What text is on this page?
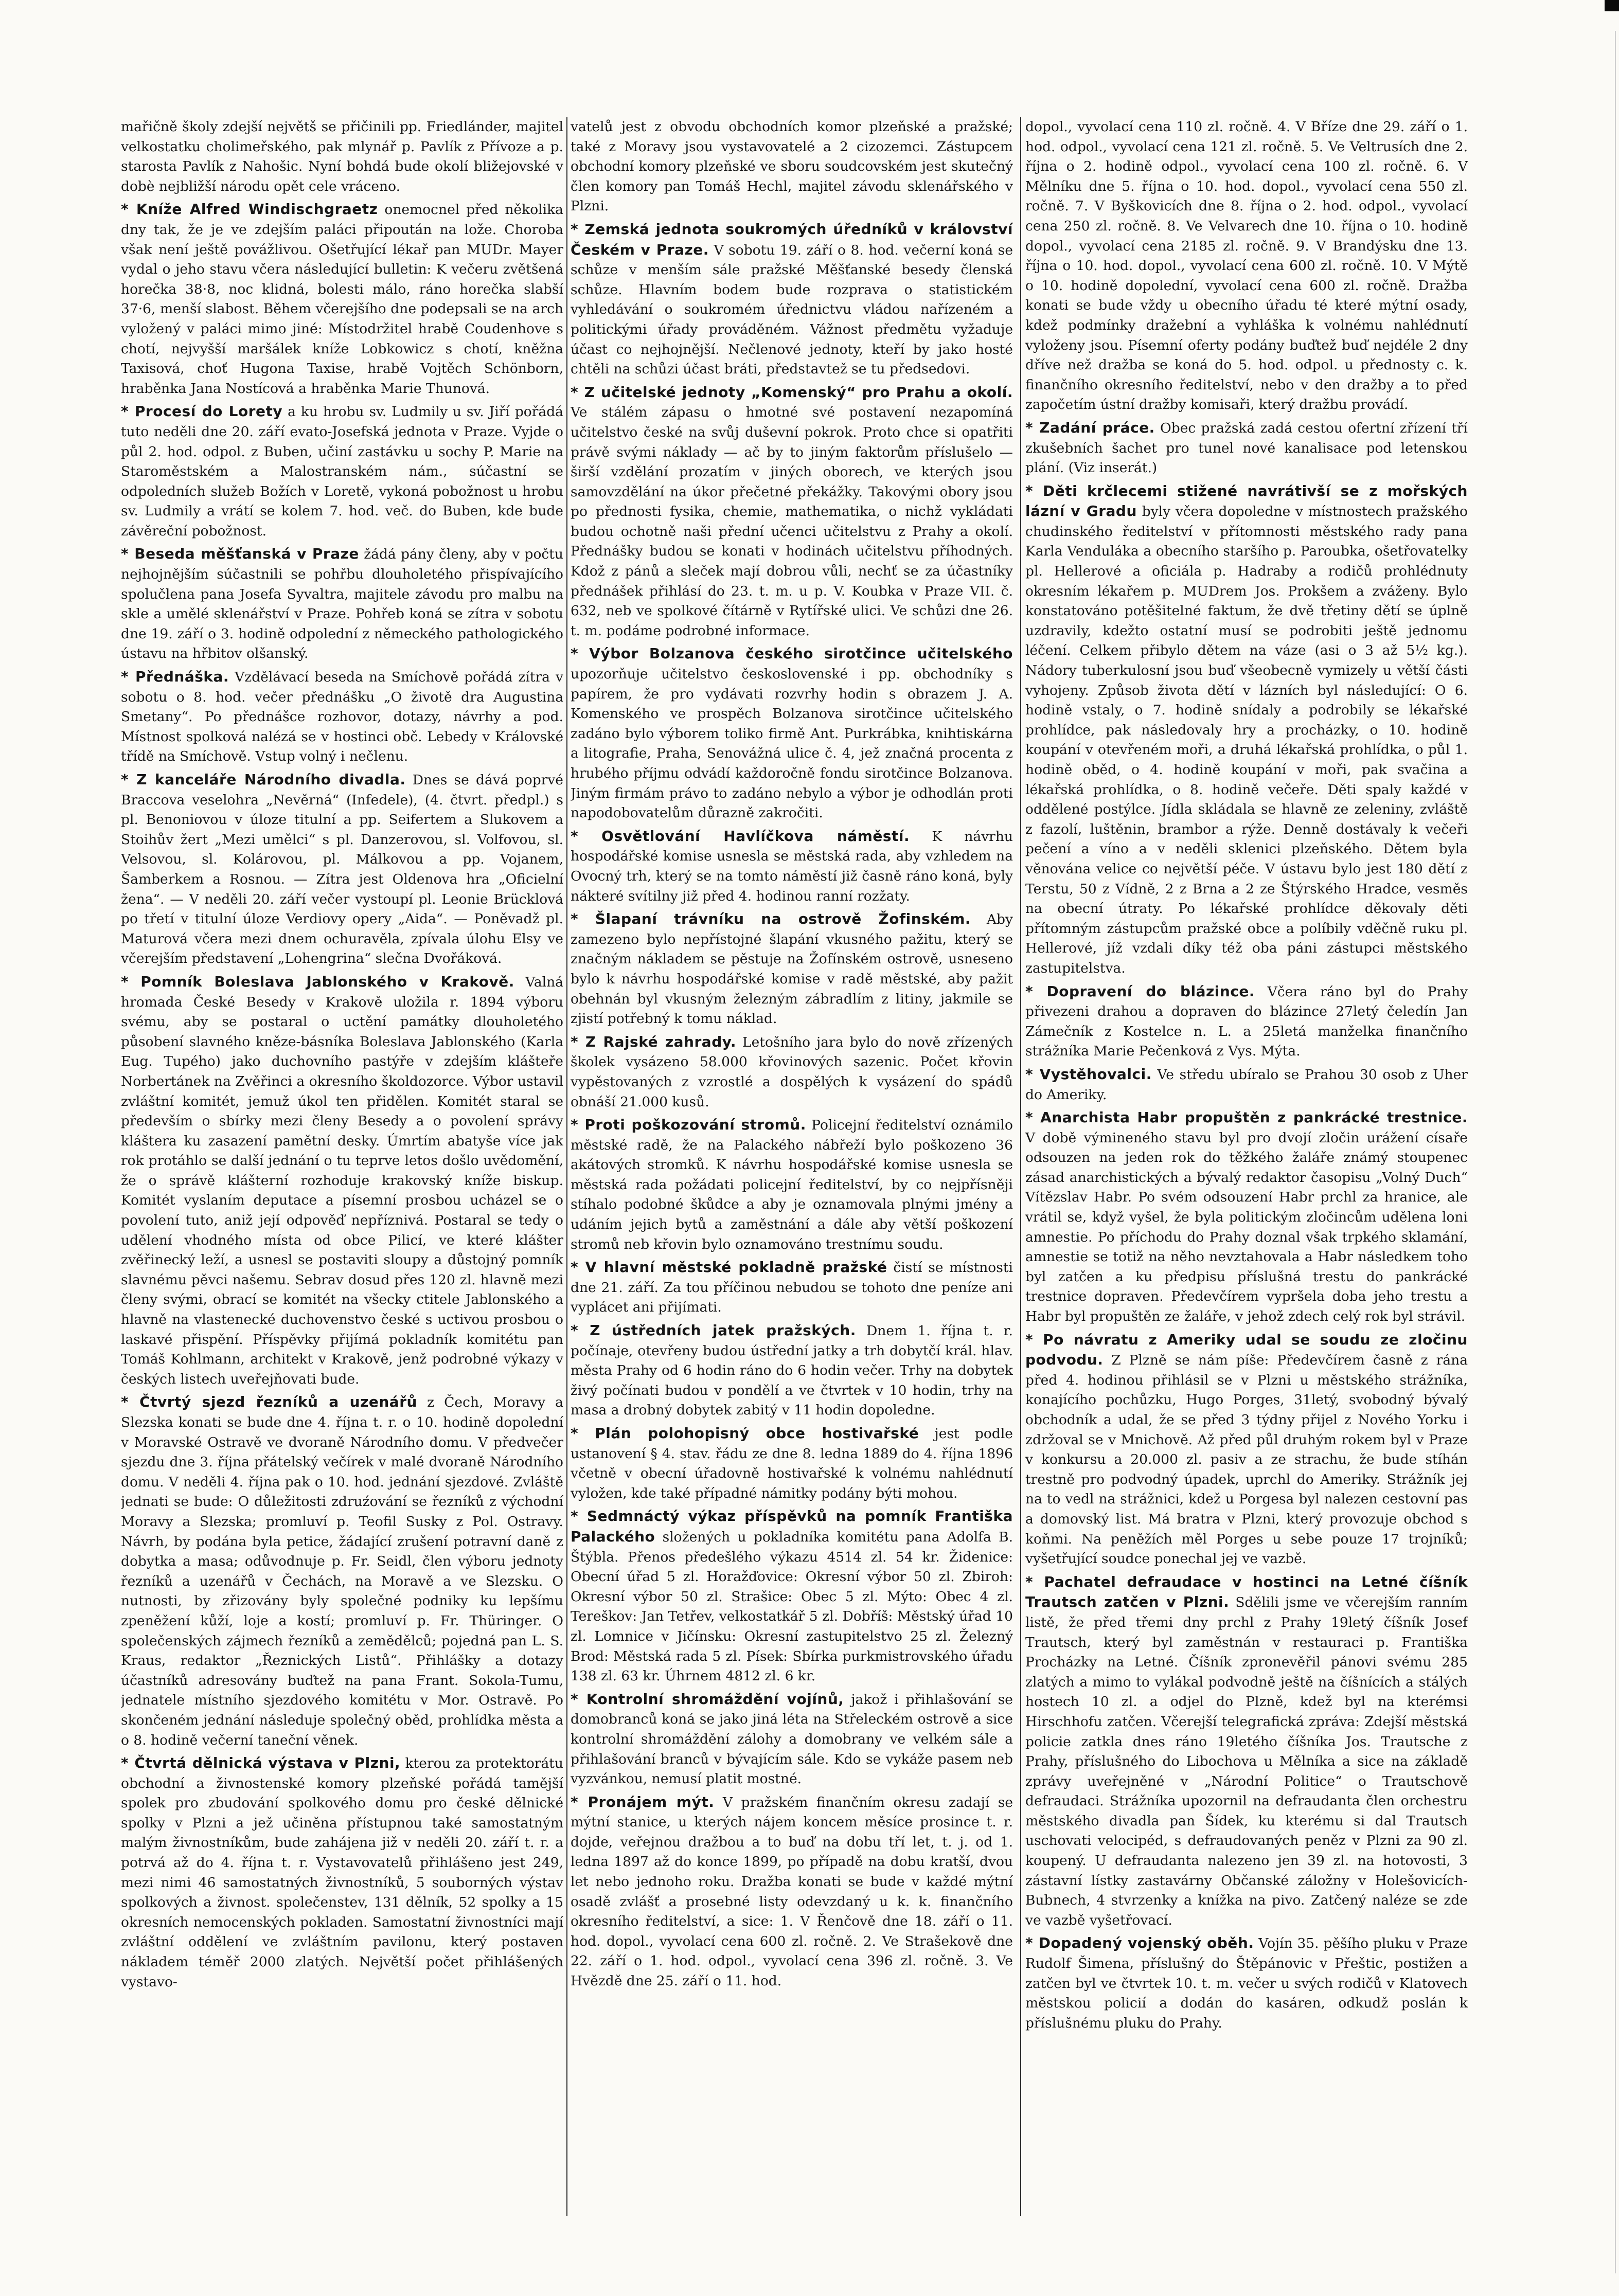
mařičně školy zdejší největš se přičinili pp. Friedlánder, majitel velkostatku cholimeřského, pak mlynář p. Pavlík z Přívoze a p. starosta Pavlík z Nahošic. Nyní bohdá bude okolí bližejovské v dobè nejbližší národu opět cele vráceno.

* Kníže Alfred Windischgraetz onemocnel před několika dny tak, že je ve zdejším paláci připoután na lože. Choroba však není ještě povážlivou. Ošetřující lékař pan MUDr. Mayer vydal o jeho stavu včera následující bulletin: K večeru zvětšená horečka 38·8, noc klidná, bolesti málo, ráno horečka slabší 37·6, menší slabost. Během včerejšího dne podepsali se na arch vyložený v paláci mimo jiné: Místodržitel hrabě Coudenhove s chotí, nejvyšší maršálek kníže Lobkowicz s chotí, kněžna Taxisová, choť Hugona Taxise, hrabě Vojtěch Schönborn, hraběnka Jana Nostícová a hraběnka Marie Thunová.

* Procesí do Lorety a ku hrobu sv. Ludmily u sv. Jiří pořádá tuto neděli dne 20. září evato-Josefská jednota v Praze. Vyjde o půl 2. hod. odpol. z Buben, učiní zastávku u sochy P. Marie na Staroměstském a Malostranském nám., súčastní se odpoledních služeb Božích v Loretě, vykoná pobožnost u hrobu sv. Ludmily a vrátí se kolem 7. hod. več. do Buben, kde bude závěreční pobožnost.

* Beseda měšťanská v Praze žádá pány členy, aby v počtu nejhojnějším súčastnili se pohřbu dlouholetého přispívajícího spolučlena pana Josefa Syvaltra, majitele závodu pro malbu na skle a umělé sklenářství v Praze. Pohřeb koná se zítra v sobotu dne 19. září o 3. hodině odpolední z německého pathologického ústavu na hřbitov olšanský.

* Přednáška. Vzdělávací beseda na Smíchově pořádá zítra v sobotu o 8. hod. večer přednášku „O životě dra Augustina Smetany“. Po přednášce rozhovor, dotazy, návrhy a pod. Místnost spolková nalézá se v hostinci obč. Lebedy v Královské třídě na Smíchově. Vstup volný i nečlenu.

* Z kanceláře Národního divadla. Dnes se dává poprvé Braccova veselohra „Nevěrná“ (Infedele), (4. čtvrt. předpl.) s pl. Benoniovou v úloze titulní a pp. Seifertem a Slukovem a Stoihův žert „Mezi umělci“ s pl. Danzerovou, sl. Volfovou, sl. Velsovou, sl. Kolárovou, pl. Málkovou a pp. Vojanem, Šamberkem a Rosnou. — Zítra jest Oldenova hra „Oficielní žena“. — V neděli 20. září večer vystoupí pl. Leonie Brücklová po třetí v titulní úloze Verdiovy opery „Aida“. — Poněvadž pl. Maturová včera mezi dnem ochuravěla, zpívala úlohu Elsy ve včerejším představení „Lohengrina“ slečna Dvořáková.

* Pomník Boleslava Jablonského v Krakově. Valná hromada České Besedy v Krakově uložila r. 1894 výboru svému, aby se postaral o uctění památky dlouholetého působení slavného kněze-básníka Boleslava Jablonského (Karla Eug. Tupého) jako duchovního pastýře v zdejším klášteře Norbertánek na Zvěřinci a okresního školdozorce. Výbor ustavil zvláštní komitét, jemuž úkol ten přidělen. Komitét staral se především o sbírky mezi členy Besedy a o povolení správy kláštera ku zasazení pamětní desky. Úmrtím abatyše více jak rok protáhlo se další jednání o tu teprve letos došlo uvědomění, že o správě klášterní rozhoduje krakovský kníže biskup. Komitét vyslaním deputace a písemní prosbou ucházel se o povolení tuto, aniž její odpověď nepříznivá. Postaral se tedy o udělení vhodného místa od obce Pilicí, ve které klášter zvěřinecký leží, a usnesl se postaviti sloupy a důstojný pomník slavnému pěvci našemu. Sebrav dosud přes 120 zl. hlavně mezi členy svými, obrací se komitét na všecky ctitele Jablonského a hlavně na vlastenecké duchovenstvo české s uctivou prosbou o laskavé přispění. Příspěvky přijímá pokladník komitétu pan Tomáš Kohlmann, architekt v Krakově, jenž podrobné výkazy v českých listech uveřejňovati bude.

* Čtvrtý sjezd řezníků a uzenářů z Čech, Moravy a Slezska konati se bude dne 4. října t. r. o 10. hodině dopolední v Moravské Ostravě ve dvoraně Národního domu. V předvečer sjezdu dne 3. října přátelský večírek v malé dvoraně Národního domu. V neděli 4. října pak o 10. hod. jednání sjezdové. Zvláště jednati se bude: O důležitosti zdruźování se řezníků z východní Moravy a Slezska; promluví p. Teofil Susky z Pol. Ostravy. Návrh, by podána byla petice, žádající zrušení potravní daně z dobytka a masa; odůvodnuje p. Fr. Seidl, člen výboru jednoty řezníků a uzenářů v Čechách, na Moravě a ve Slezsku. O nutnosti, by zřizovány byly společné podniky ku lepšímu zpeněžení kůží, loje a kostí; promluví p. Fr. Thüringer. O společenských zájmech řezníků a zemědělců; pojedná pan L. S. Kraus, redaktor „Řeznických Listů“. Přihlášky a dotazy účastníků adresovány buďtež na pana Frant. Sokola-Tumu, jednatele místního sjezdového komitétu v Mor. Ostravě. Po skončeném jednání následuje společný oběd, prohlídka města a o 8. hodině večerní taneční věnek.

* Čtvrtá dělnická výstava v Plzni, kterou za protektorátu obchodní a živnostenské komory plzeňské pořádá tamější spolek pro zbudování spolkového domu pro české dělnické spolky v Plzni a jež učiněna přístupnou také samostatným malým živnostníkům, bude zahájena již v neděli 20. září t. r. a potrvá až do 4. října t. r. Vystavovatelů přihlášeno jest 249, mezi nimi 46 samostatných živnostníků, 5 souborných výstav spolkových a živnost. společenstev, 131 dělník, 52 spolky a 15 okresních nemocenských pokladen. Samostatní živnostníci mají zvláštní oddělení ve zvláštním pavilonu, který postaven nákladem téměř 2000 zlatých. Největší počet přihlášených vystavo-

vatelů jest z obvodu obchodních komor plzeňské a pražské; také z Moravy jsou vystavovatelé a 2 cizozemci. Zástupcem obchodní komory plzeňské ve sboru soudcovském jest skutečný člen komory pan Tomáš Hechl, majitel závodu sklenářského v Plzni.

* Zemská jednota soukromých úředníků v království Českém v Praze. V sobotu 19. září o 8. hod. večerní koná se schůze v menším sále pražské Měšťanské besedy členská schůze. Hlavním bodem bude rozprava o statistickém vyhledávání o soukromém úřednictvu vládou nařízeném a politickými úřady prováděném. Vážnost předmětu vyžaduje účast co nejhojnější. Nečlenové jednoty, kteří by jako hosté chtěli na schůzi účast bráti, představtež se tu předsedovi.

* Z učitelské jednoty „Komenský“ pro Prahu a okolí. Ve stálém zápasu o hmotné své postavení nezapomíná učitelstvo české na svůj duševní pokrok. Proto chce si opatřiti právě svými náklady — ač by to jiným faktorům příslušelo — širší vzdělání prozatím v jiných oborech, ve kterých jsou samovzdělání na úkor přečetné překážky. Takovými obory jsou po přednosti fysika, chemie, mathematika, o nichž vykládati budou ochotně naši přední učenci učitelstvu z Prahy a okolí. Přednášky budou se konati v hodinách učitelstvu příhodných. Kdož z pánů a sleček mají dobrou vůli, nechť se za účastníky přednášek přihlásí do 23. t. m. u p. V. Koubka v Praze VII. č. 632, neb ve spolkové čítárně v Rytířské ulici. Ve schůzi dne 26. t. m. podáme podrobné informace.

* Výbor Bolzanova českého sirotčince učitelského upozorňuje učitelstvo československé i pp. obchodníky s papírem, že pro vydávati rozvrhy hodin s obrazem J. A. Komenského ve prospěch Bolzanova sirotčince učitelského zadáno bylo výborem toliko firmě Ant. Purkrábka, knihtiskárna a litografie, Praha, Senovážná ulice č. 4, jež značná procenta z hrubého příjmu odvádí každoročně fondu sirotčince Bolzanova. Jiným firmám právo to zadáno nebylo a výbor je odhodlán proti napodobovatelům důrazně zakročiti.

* Osvětlování Havlíčkova náměstí. K návrhu hospodářské komise usnesla se městská rada, aby vzhledem na Ovocný trh, který se na tomto náměstí již časně ráno koná, byly nákteré svítilny již před 4. hodinou ranní rozžaty.

* Šlapaní trávníku na ostrově Žofinském. Aby zamezeno bylo nepřístojné šlapání vkusného pažitu, který se značným nákladem se pěstuje na Žofínském ostrově, usneseno bylo k návrhu hospodářské komise v radě městské, aby pažit obehnán byl vkusným železným zábradlím z litiny, jakmile se zjistí potřebný k tomu náklad.

* Z Rajské zahrady. Letošního jara bylo do nově zřízených školek vysázeno 58.000 křovinových sazenic. Počet křovin vypěstovaných z vzrostlé a dospělých k vysázení do spádů obnáší 21.000 kusů.

* Proti poškozování stromů. Policejní ředitelství oznámilo městské radě, že na Palackého nábřeží bylo poškozeno 36 akátových stromků. K návrhu hospodářské komise usnesla se městská rada požádati policejní ředitelství, by co nejpřísněji stíhalo podobné škůdce a aby je oznamovala plnými jmény a udáním jejich bytů a zaměstnání a dále aby větší poškození stromů neb křovin bylo oznamováno trestnímu soudu.

* V hlavní městské pokladně pražské čistí se místnosti dne 21. září. Za tou příčinou nebudou se tohoto dne peníze ani vyplácet ani přijímati.

* Z ústředních jatek pražských. Dnem 1. října t. r. počínaje, otevřeny budou ústřední jatky a trh dobytčí král. hlav. města Prahy od 6 hodin ráno do 6 hodin večer. Trhy na dobytek živý počínati budou v pondělí a ve čtvrtek v 10 hodin, trhy na masa a drobný dobytek zabitý v 11 hodin dopoledne.

* Plán polohopisný obce hostivařské jest podle ustanovení § 4. stav. řádu ze dne 8. ledna 1889 do 4. října 1896 včetně v obecní úřadovně hostivařské k volnému nahlédnutí vyložen, kde také případné námitky podány býti mohou.

* Sedmnáctý výkaz příspěvků na pomník Františka Palackého složených u pokladníka komitétu pana Adolfa B. Štýbla. Přenos předešlého výkazu 4514 zl. 54 kr. Židenice: Obecní úřad 5 zl. Horažďovice: Okresní výbor 50 zl. Zbiroh: Okresní výbor 50 zl. Strašice: Obec 5 zl. Mýto: Obec 4 zl. Tereškov: Jan Tetřev, velkostatkář 5 zl. Dobříš: Městský úřad 10 zl. Lomnice v Jičínsku: Okresní zastupitelstvo 25 zl. Železný Brod: Městská rada 5 zl. Písek: Sbírka purkmistrovského úřadu 138 zl. 63 kr. Úhrnem 4812 zl. 6 kr.

* Kontrolní shromáždění vojínů, jakož i přihlašování se domobranců koná se jako jiná léta na Střeleckém ostrově a sice kontrolní shromáždění zálohy a domobrany ve velkém sále a přihlašování branců v bývajícím sále. Kdo se vykáže pasem neb vyzvánkou, nemusí platit mostné.

* Pronájem mýt. V pražském finančním okresu zadají se mýtní stanice, u kterých nájem koncem měsíce prosince t. r. dojde, veřejnou dražbou a to buď na dobu tří let, t. j. od 1. ledna 1897 až do konce 1899, po případě na dobu kratší, dvou let nebo jednoho roku. Dražba konati se bude v každé mýtní osadě zvlášť a prosebné listy odevzdaný u k. k. finančního okresního ředitelství, a sice: 1. V Řenčově dne 18. září o 11. hod. dopol., vyvolací cena 600 zl. ročně. 2. Ve Strašekově dne 22. září o 1. hod. odpol., vyvolací cena 396 zl. ročně. 3. Ve Hvězdě dne 25. září o 11. hod.

dopol., vyvolací cena 110 zl. ročně. 4. V Bříze dne 29. září o 1. hod. odpol., vyvolací cena 121 zl. ročně. 5. Ve Veltrusích dne 2. října o 2. hodině odpol., vyvolací cena 100 zl. ročně. 6. V Mělníku dne 5. října o 10. hod. dopol., vyvolací cena 550 zl. ročně. 7. V Byškovicích dne 8. října o 2. hod. odpol., vyvolací cena 250 zl. ročně. 8. Ve Velvarech dne 10. října o 10. hodině dopol., vyvolací cena 2185 zl. ročně. 9. V Brandýsku dne 13. října o 10. hod. dopol., vyvolací cena 600 zl. ročně. 10. V Mýtě o 10. hodině dopolední, vyvolací cena 600 zl. ročně. Dražba konati se bude vždy u obecního úřadu té které mýtní osady, kdež podmínky dražební a vyhláška k volnému nahlédnutí vyloženy jsou. Písemní oferty podány buďtež buď nejdéle 2 dny dříve než dražba se koná do 5. hod. odpol. u přednosty c. k. finančního okresního ředitelství, nebo v den dražby a to před započetím ústní dražby komisaři, který dražbu provádí.

* Zadání práce. Obec pražská zadá cestou ofertní zřízení tří zkušebních šachet pro tunel nové kanalisace pod letenskou plání. (Viz inserát.)

* Děti krčlecemi stižené navrátivší se z mořských lázní v Gradu byly včera dopoledne v místnostech pražského chudinského ředitelství v přítomnosti městského rady pana Karla Venduláka a obecního staršího p. Paroubka, ošetřovatelky pl. Hellerové a oficiála p. Hadraby a rodičů prohlédnuty okresním lékařem p. MUDrem Jos. Prokšem a zváženy. Bylo konstatováno potěšitelné faktum, že dvě třetiny dětí se úplně uzdravily, kdežto ostatní musí se podrobiti ještě jednomu léčení. Celkem přibylo dětem na váze (asi o 3 až 5½ kg.). Nádory tuberkulosní jsou buď všeobecně vymizely u větší části vyhojeny. Způsob života dětí v lázních byl následující: O 6. hodině vstaly, o 7. hodině snídaly a podrobily se lékařské prohlídce, pak následovaly hry a procházky, o 10. hodině koupání v otevřeném moři, a druhá lékařská prohlídka, o půl 1. hodině oběd, o 4. hodině koupání v moři, pak svačina a lékařská prohlídka, o 8. hodině večeře. Děti spaly každé v oddělené postýlce. Jídla skládala se hlavně ze zeleniny, zvláště z fazolí, luštěnin, brambor a rýže. Denně dostávaly k večeři pečení a víno a v neděli sklenici plzeňského. Dětem byla věnována velice co největší péče. V ústavu bylo jest 180 dětí z Terstu, 50 z Vídně, 2 z Brna a 2 ze Štýrského Hradce, vesměs na obecní útraty. Po lékařské prohlídce děkovaly děti přítomným zástupcům pražské obce a políbily vděčně ruku pl. Hellerové, jíž vzdali díky též oba páni zástupci městského zastupitelstva.

* Dopravení do blázince. Včera ráno byl do Prahy přivezeni drahou a dopraven do blázince 27letý čeledín Jan Zámečník z Kostelce n. L. a 25letá manželka finančního strážníka Marie Pečenková z Vys. Mýta.

* Vystěhovalci. Ve středu ubíralo se Prahou 30 osob z Uher do Ameriky.

* Anarchista Habr propuštěn z pankrácké trestnice. V době výmineného stavu byl pro dvojí zločin urážení císaře odsouzen na jeden rok do těžkého žaláře známý stoupenec zásad anarchistických a bývalý redaktor časopisu „Volný Duch“ Vítězslav Habr. Po svém odsouzení Habr prchl za hranice, ale vrátil se, když vyšel, že byla politickým zločincům udělena loni amnestie. Po příchodu do Prahy doznal však trpkého sklamání, amnestie se totiž na něho nevztahovala a Habr následkem toho byl zatčen a ku předpisu příslušná trestu do pankrácké trestnice dopraven. Předevčírem vypršela doba jeho trestu a Habr byl propuštěn ze žaláře, v jehož zdech celý rok byl strávil.

* Po návratu z Ameriky udal se soudu ze zločinu podvodu. Z Plzně se nám píše: Předevčírem časně z rána před 4. hodinou přihlásil se v Plzni u městského strážníka, konajícího pochůzku, Hugo Porges, 31letý, svobodný bývalý obchodník a udal, že se před 3 týdny přijel z Nového Yorku i zdržoval se v Mnichově. Až před půl druhým rokem byl v Praze v konkursu a 20.000 zl. pasiv a ze strachu, že bude stíhán trestně pro podvodný úpadek, uprchl do Ameriky. Strážník jej na to vedl na strážnici, kdež u Porgesa byl nalezen cestovní pas a domovský list. Má bratra v Plzni, který provozuje obchod s koňmi. Na peněžích měl Porges u sebe pouze 17 trojníků; vyšetřující soudce ponechal jej ve vazbě.

* Pachatel defraudace v hostinci na Letné číšník Trautsch zatčen v Plzni. Sdělili jsme ve včerejším ranním listě, že před třemi dny prchl z Prahy 19letý číšník Josef Trautsch, který byl zaměstnán v restauraci p. Františka Procházky na Letné. Číšník zpronevěřil pánovi svému 285 zlatých a mimo to vylákal podvodně ještě na číšnících a stálých hostech 10 zl. a odjel do Plzně, kdež byl na kterémsi Hirschhofu zatčen. Včerejší telegrafická zpráva: Zdejší městská policie zatkla dnes ráno 19letého číšníka Jos. Trautsche z Prahy, příslušného do Libochova u Mělníka a sice na základě zprávy uveřejněné v „Národní Politice“ o Trautschově defraudaci. Strážníka upozornil na defraudanta člen orchestru městského divadla pan Šídek, ku kterému si dal Trautsch uschovati velocipéd, s defraudovaných peněz v Plzni za 90 zl. koupený. U defraudanta nalezeno jen 39 zl. na hotovosti, 3 zástavní lístky zastavárny Občanské záložny v Holešovicích-Bubnech, 4 stvrzenky a knížka na pivo. Zatčený naléze se zde ve vazbě vyšetřovací.

* Dopadený vojenský oběh. Vojín 35. pěšího pluku v Praze Rudolf Šimena, příslušný do Štěpánovic v Přeštic, postižen a zatčen byl ve čtvrtek 10. t. m. večer u svých rodičů v Klatovech městskou policií a dodán do kasáren, odkudž poslán k příslušnému pluku do Prahy.
